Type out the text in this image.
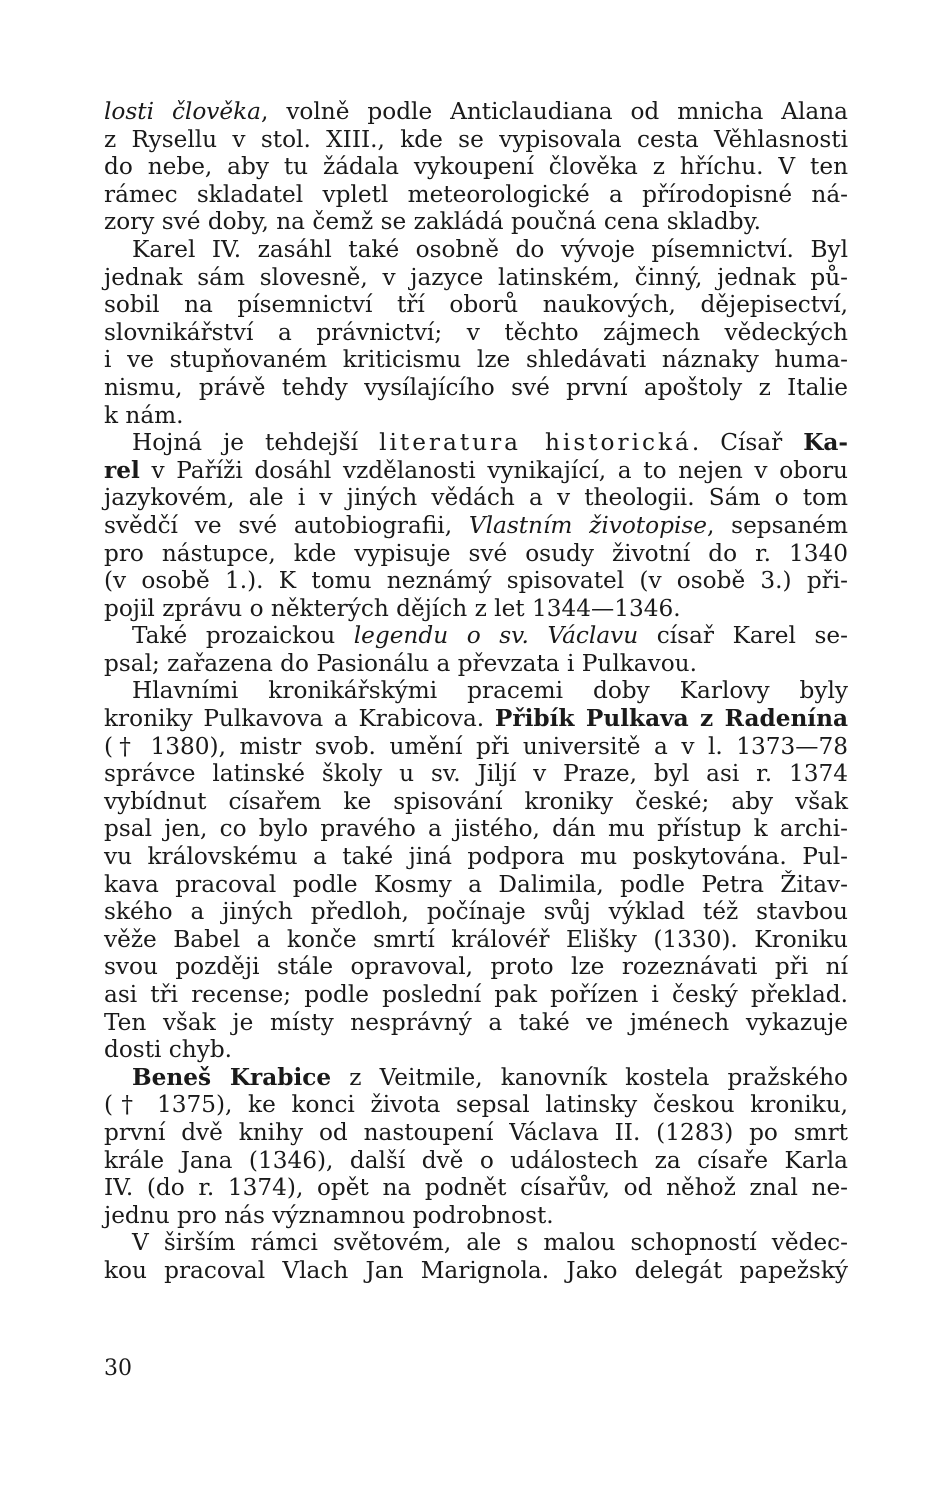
losti člověka, volně podle Anticlaudiana od mnicha Alana
z Rysellu v stol. XIII., kde se vypisovala cesta Věhlasnosti
do nebe, aby tu žádala vykoupení člověka z hříchu. V ten
rámec skladatel vpletl meteorologické a přírodopisné ná-
zory své doby, na čemž se zakládá poučná cena skladby.

Karel IV. zasáhl také osobně do vývoje písemnictví. Byl
jednak sám slovesně, v jazyce latinském, činný, jednak pů-
sobil na písemnictví tří oborů naukových, dějepisectví,
slovnikářství a právnictví; v těchto zájmech vědeckých
i ve stupňovaném kriticismu lze shledávati náznaky huma-
nismu, právě tehdy vysílajícího své první apoštoly z Italie
k nám.

Hojná je tehdejší literatura historická. Císař Ka-
rel v Paříži dosáhl vzdělanosti vynikající, a to nejen v oboru
jazykovém, ale i v jiných vědách a v theologii. Sám o tom
svědčí ve své autobiografii, Vlastním životopise, sepsaném
pro nástupce, kde vypisuje své osudy životní do r. 1340
(v osobě 1.). K tomu neznámý spisovatel (v osobě 3.) při-
pojil zprávu o některých dějích z let 1344—1346.

Také prozaickou legendu o sv. Václavu císař Karel se-
psal; zařazena do Pasionálu a převzata i Pulkavou.

Hlavními kronikářskými pracemi doby Karlovy byly
kroniky Pulkavova a Krabicova. Přibík Pulkava z Radenína
(† 1380), mistr svob. umění při universitě a v l. 1373—78
správce latinské školy u sv. Jiljí v Praze, byl asi r. 1374
vybídnut císařem ke spisování kroniky české; aby však
psal jen, co bylo pravého a jistého, dán mu přístup k archi-
vu královskému a také jiná podpora mu poskytována. Pul-
kava pracoval podle Kosmy a Dalimila, podle Petra Žitav-
ského a jiných předloh, počínaje svůj výklad též stavbou
věže Babel a konče smrtí královéř Elišky (1330). Kroniku
svou později stále opravoval, proto lze rozeznávati při ní
asi tři recense; podle poslední pak pořízen i český překlad.
Ten však je místy nesprávný a také ve jménech vykazuje
dosti chyb.

Beneš Krabice z Veitmile, kanovník kostela pražského
(† 1375), ke konci života sepsal latinsky českou kroniku,
první dvě knihy od nastoupení Václava II. (1283) po smrt
krále Jana (1346), další dvě o událostech za císaře Karla
IV. (do r. 1374), opět na podnět císařův, od něhož znal ne-
jednu pro nás významnou podrobnost.

V širším rámci světovém, ale s malou schopností vědec-
kou pracoval Vlach Jan Marignola. Jako delegát papežský

30
